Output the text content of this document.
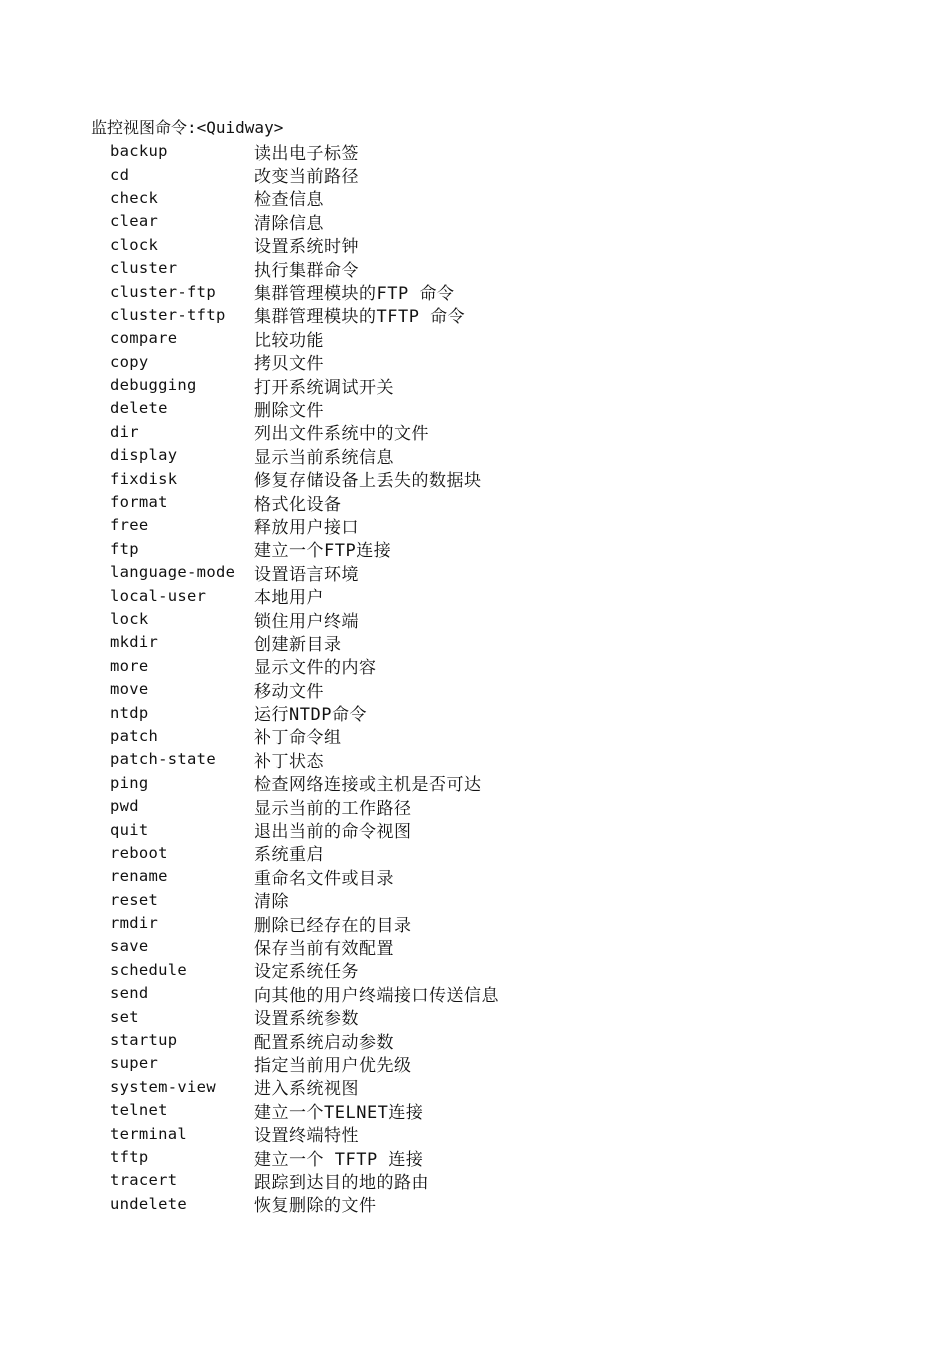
监控视图命令:<Quidway>
backup	读出电子标签
cd	改变当前路径
check	检查信息
clear	清除信息
clock	设置系统时钟
cluster	执行集群命令
cluster-ftp	集群管理模块的FTP 命令
cluster-tftp	集群管理模块的TFTP 命令
compare	比较功能
copy	拷贝文件
debugging	打开系统调试开关
delete	删除文件
dir	列出文件系统中的文件
display	显示当前系统信息
fixdisk	修复存储设备上丢失的数据块
format	格式化设备
free	释放用户接口
ftp	建立一个FTP连接
language-mode	设置语言环境
local-user	本地用户
lock	锁住用户终端
mkdir	创建新目录
more	显示文件的内容
move	移动文件
ntdp	运行NTDP命令
patch	补丁命令组
patch-state	补丁状态
ping	检查网络连接或主机是否可达
pwd	显示当前的工作路径
quit	退出当前的命令视图
reboot	系统重启
rename	重命名文件或目录
reset	清除
rmdir	删除已经存在的目录
save	保存当前有效配置
schedule	设定系统任务
send	向其他的用户终端接口传送信息
set	设置系统参数
startup	配置系统启动参数
super	指定当前用户优先级
system-view	进入系统视图
telnet	建立一个TELNET连接
terminal	设置终端特性
tftp	建立一个 TFTP 连接
tracert	跟踪到达目的地的路由
undelete	恢复删除的文件
